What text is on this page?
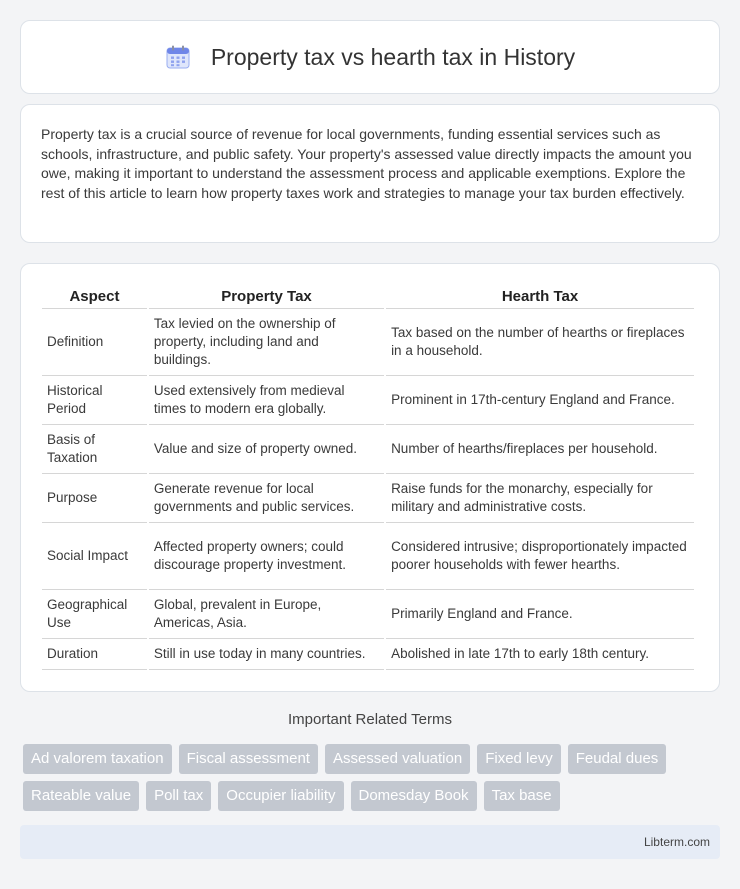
Property tax vs hearth tax in History

Property tax is a crucial source of revenue for local governments, funding essential services such as schools, infrastructure, and public safety. Your property's assessed value directly impacts the amount you owe, making it important to understand the assessment process and applicable exemptions. Explore the rest of this article to learn how property taxes work and strategies to manage your tax burden effectively.

Aspect	Property Tax	Hearth Tax
Definition	Tax levied on the ownership of property, including land and buildings.	Tax based on the number of hearths or fireplaces in a household.
Historical Period	Used extensively from medieval times to modern era globally.	Prominent in 17th-century England and France.
Basis of Taxation	Value and size of property owned.	Number of hearths/fireplaces per household.
Purpose	Generate revenue for local governments and public services.	Raise funds for the monarchy, especially for military and administrative costs.
Social Impact	Affected property owners; could discourage property investment.	Considered intrusive; disproportionately impacted poorer households with fewer hearths.
Geographical Use	Global, prevalent in Europe, Americas, Asia.	Primarily England and France.
Duration	Still in use today in many countries.	Abolished in late 17th to early 18th century.
Important Related Terms
Ad valorem taxation	Fiscal assessment	Assessed valuation	Fixed levy	Feudal dues
Rateable value	Poll tax	Occupier liability	Domesday Book	Tax base
Libterm.com
